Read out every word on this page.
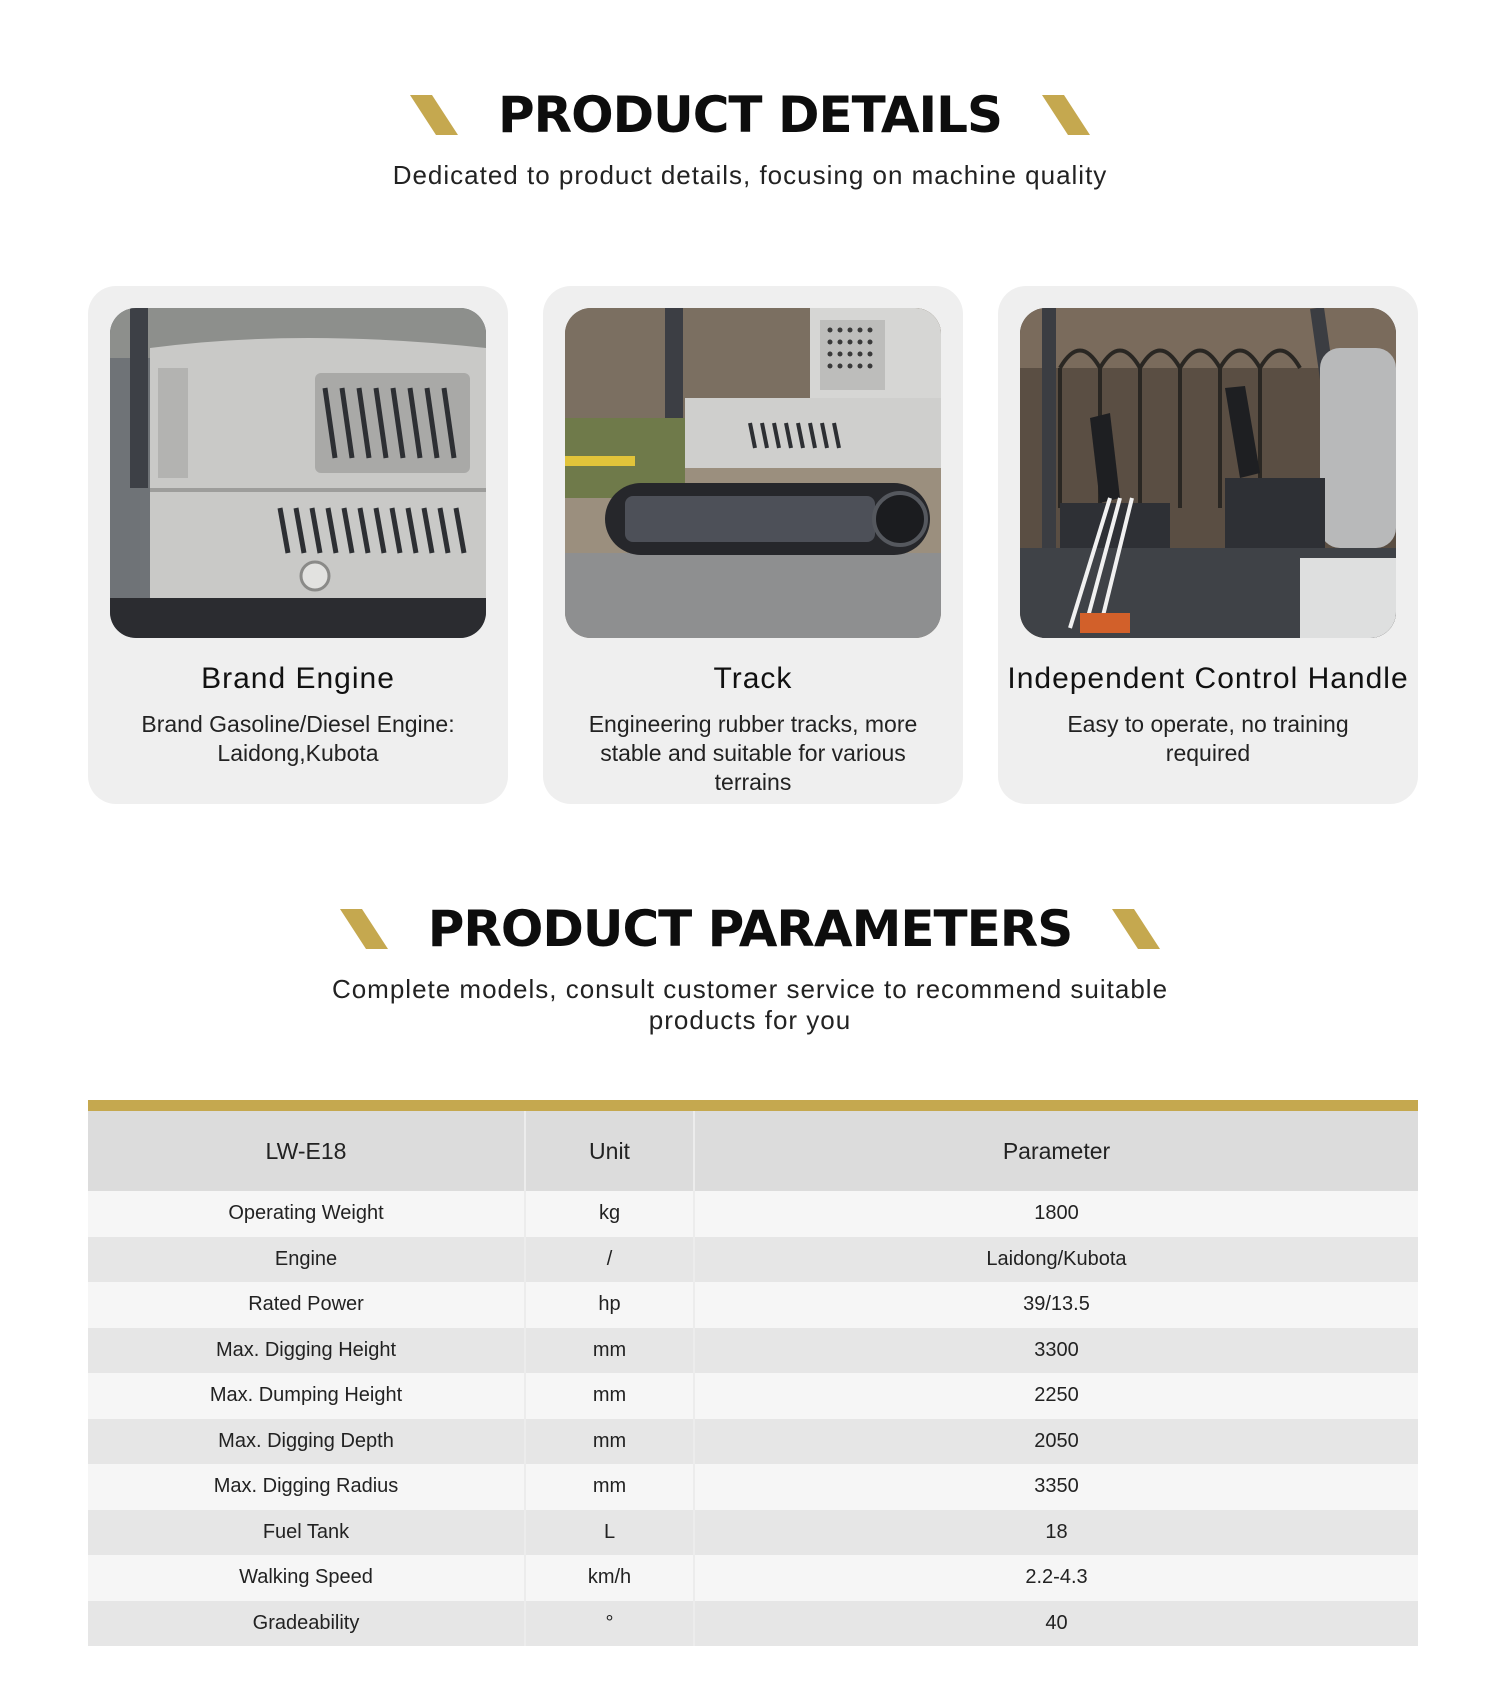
PRODUCT DETAILS
Dedicated to product details, focusing on machine quality
Brand Engine
Brand Gasoline/Diesel Engine: Laidong,Kubota
Track
Engineering rubber tracks, more stable and suitable for various terrains
Independent Control Handle
Easy to operate, no training required
PRODUCT PARAMETERS
Complete models, consult customer service to recommend suitable
products for you
LW-E18	Unit	Parameter
Operating Weight	kg	1800
Engine	/	Laidong/Kubota
Rated Power	hp	39/13.5
Max. Digging Height	mm	3300
Max. Dumping Height	mm	2250
Max. Digging Depth	mm	2050
Max. Digging Radius	mm	3350
Fuel Tank	L	18
Walking Speed	km/h	2.2-4.3
Gradeability	°	40
